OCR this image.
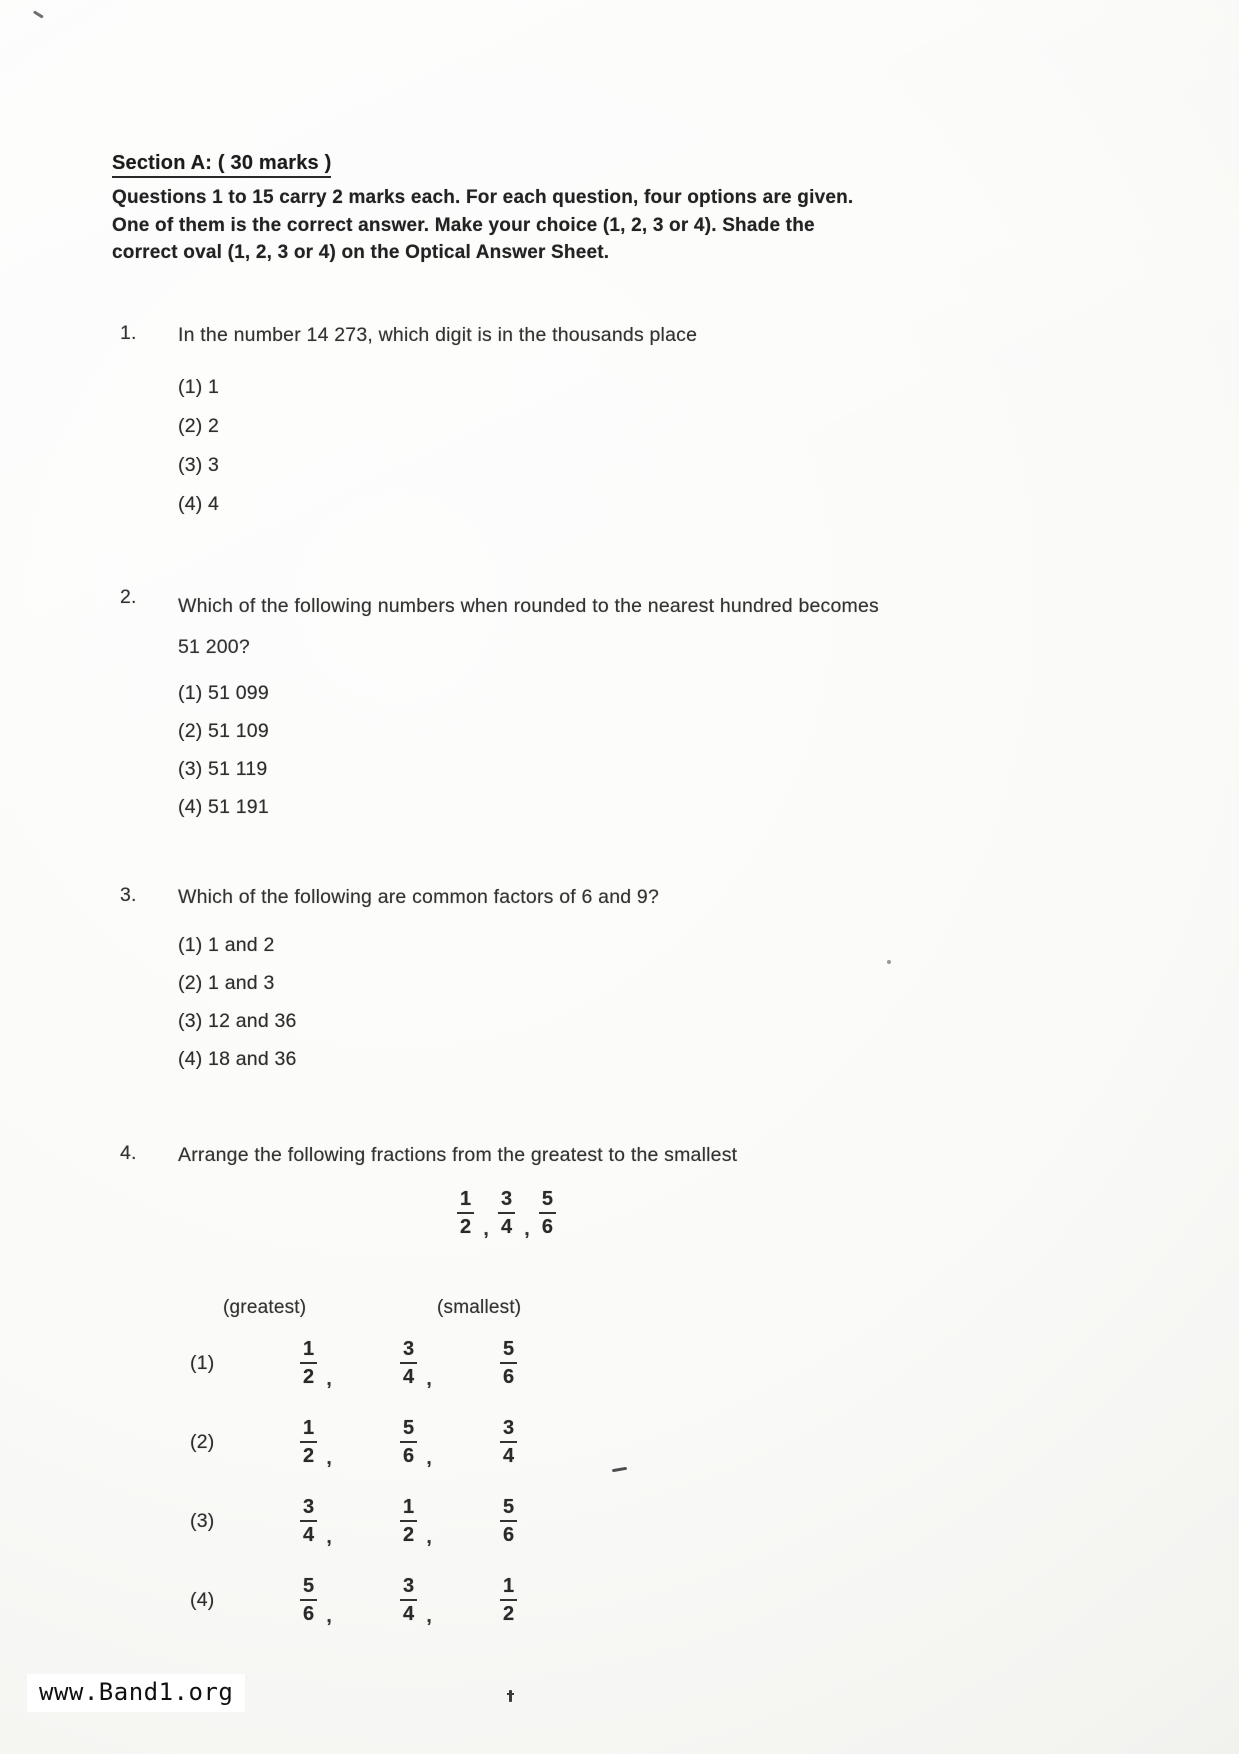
Section A: ( 30 marks )
Questions 1 to 15 carry 2 marks each. For each question, four options are given.
One of them is the correct answer. Make your choice (1, 2, 3 or 4). Shade the
correct oval (1, 2, 3 or 4) on the Optical Answer Sheet.
1.	In the number 14 273, which digit is in the thousands place
(1) 1
(2) 2
(3) 3
(4) 4
2.	Which of the following numbers when rounded to the nearest hundred becomes
51 200?
(1) 51 099
(2) 51 109
(3) 51 119
(4) 51 191
3.	Which of the following are common factors of 6 and 9?
(1) 1 and 2
(2) 1 and 3
(3) 12 and 36
(4) 18 and 36
4.	Arrange the following fractions from the greatest to the smallest
$\frac{1}{2}$ , $\frac{3}{4}$ , $\frac{5}{6}$
(greatest)	(smallest)
(1)	$\frac{1}{2}$ ,	$\frac{3}{4}$ ,	$\frac{5}{6}$
(2)	$\frac{1}{2}$ ,	$\frac{5}{6}$ ,	$\frac{3}{4}$
(3)	$\frac{3}{4}$ ,	$\frac{1}{2}$ ,	$\frac{5}{6}$
(4)	$\frac{5}{6}$ ,	$\frac{3}{4}$ ,	$\frac{1}{2}$
www.Band1.org
